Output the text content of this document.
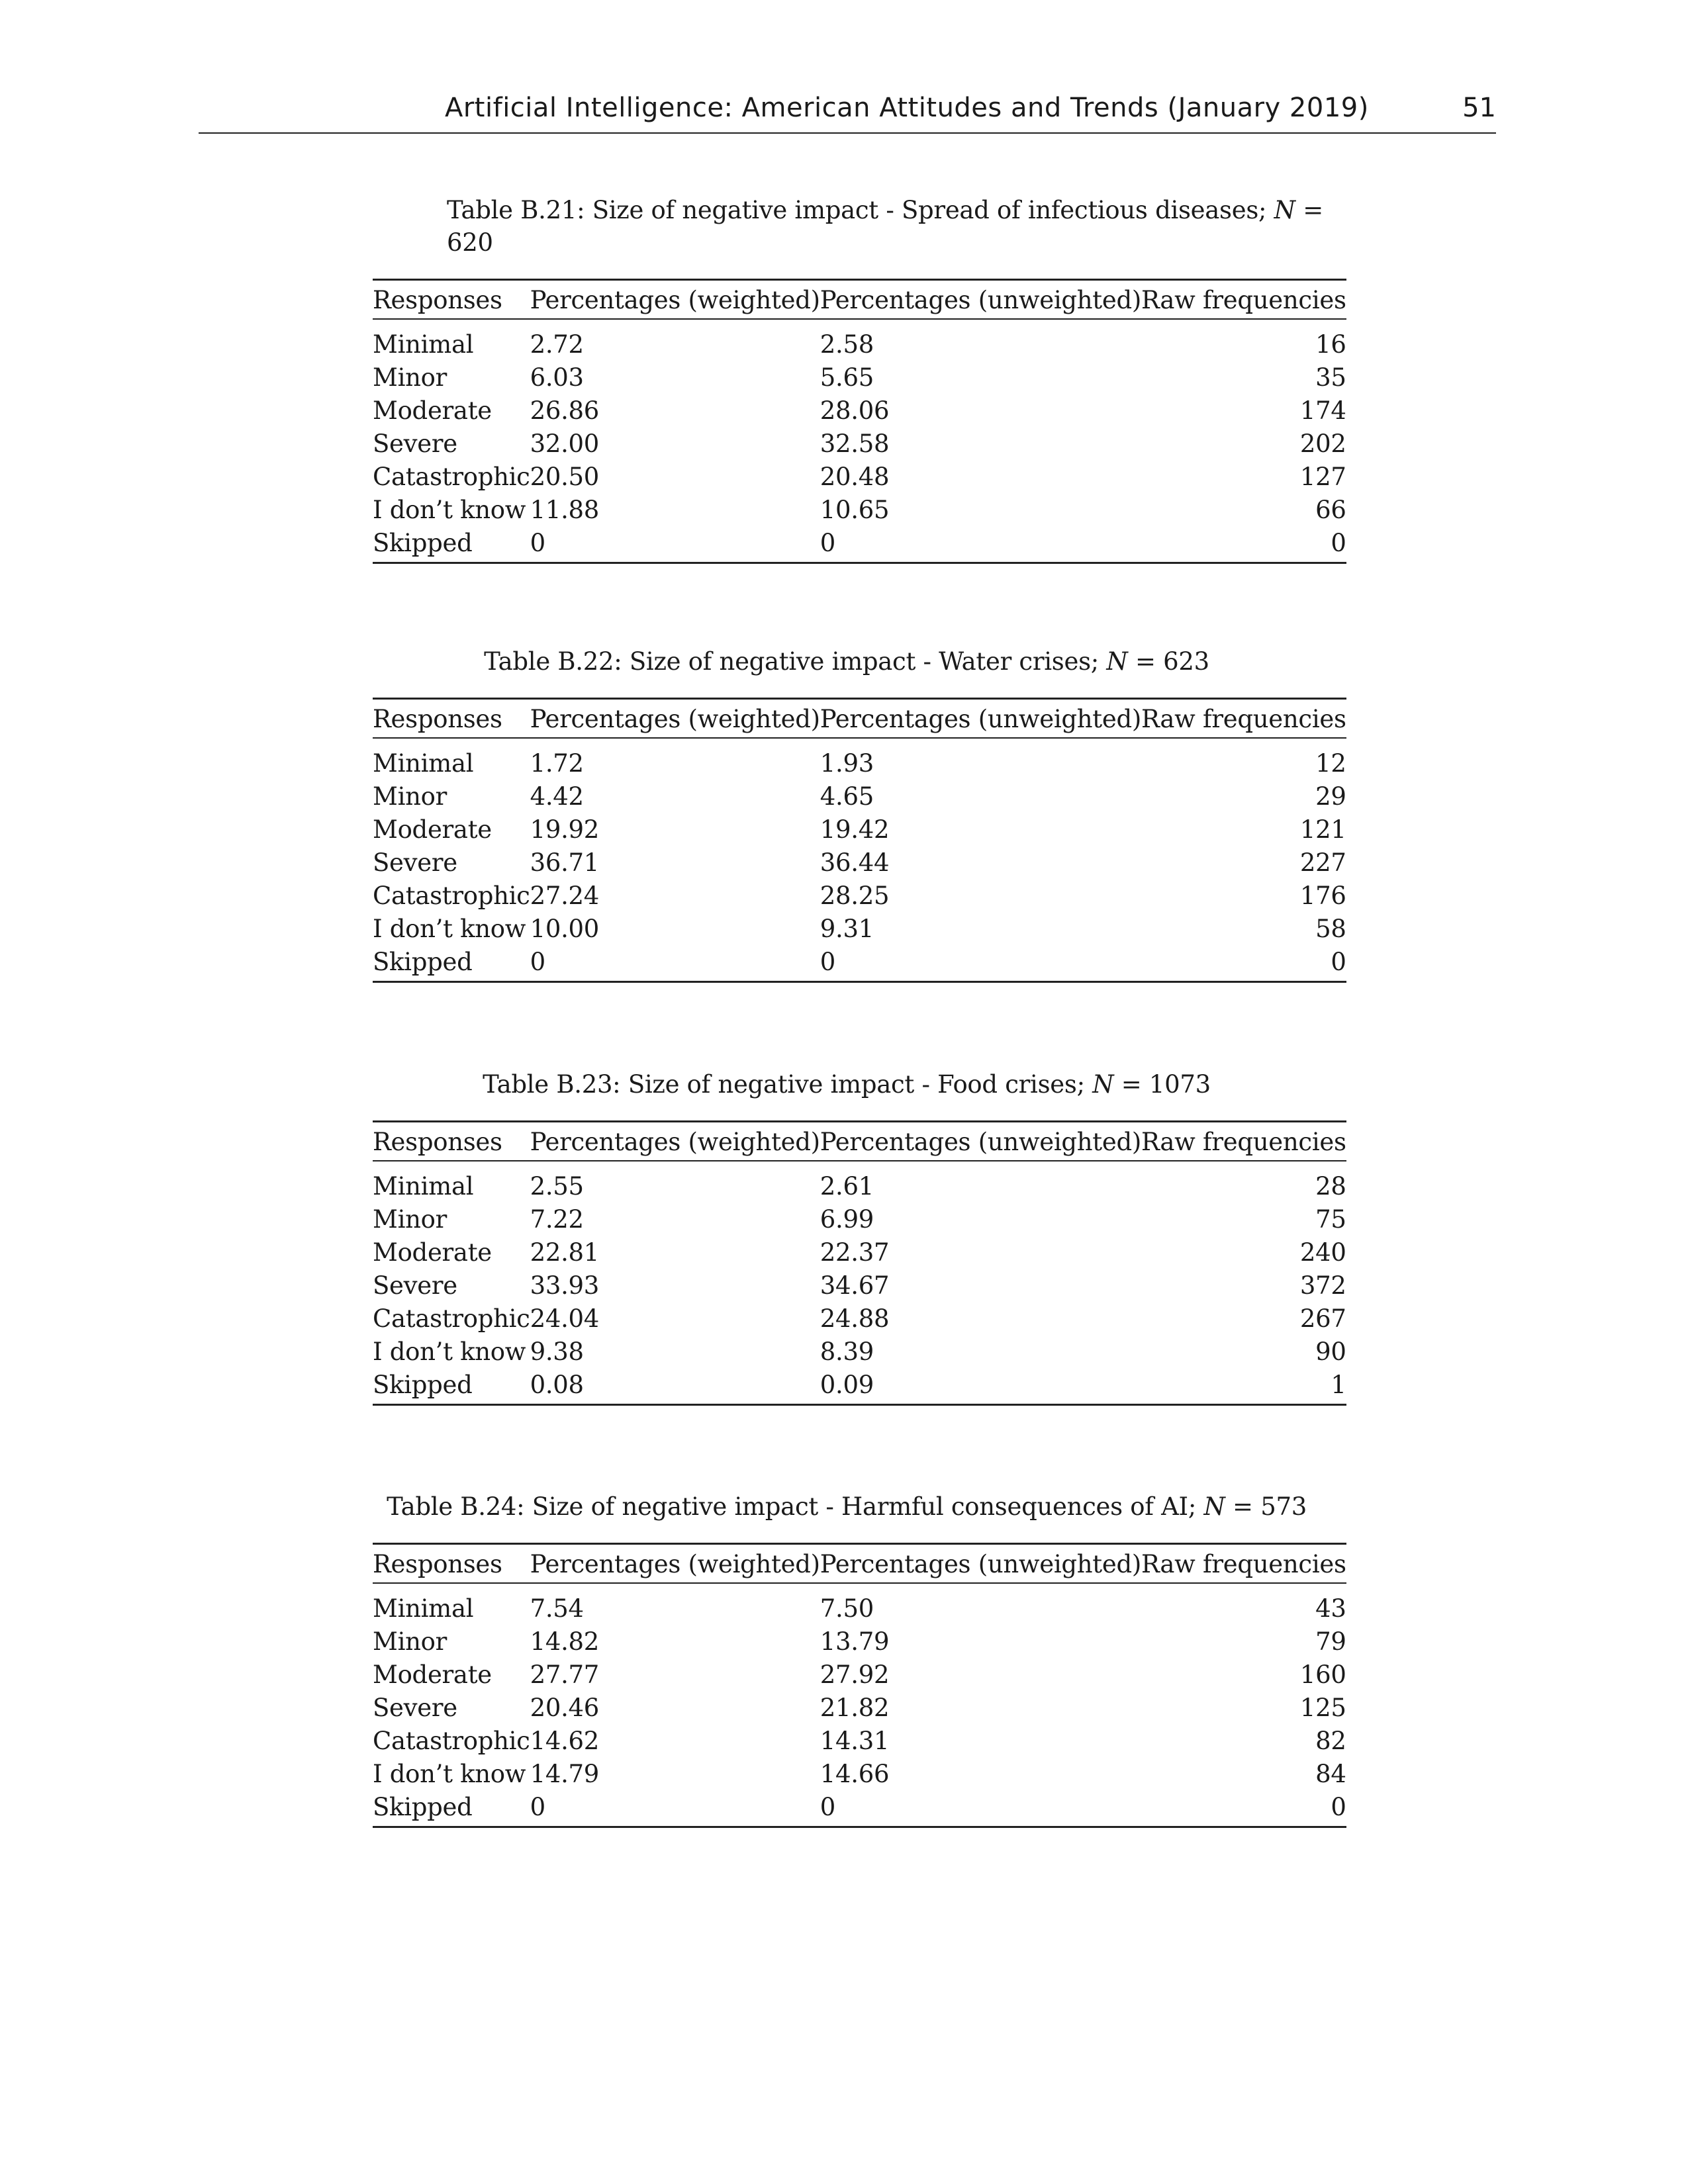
Artificial Intelligence: American Attitudes and Trends (January 2019)	51
Table B.21: Size of negative impact - Spread of infectious diseases; N = 620
Responses	Percentages (weighted)	Percentages (unweighted)	Raw frequencies
Minimal	2.72	2.58	16
Minor	6.03	5.65	35
Moderate	26.86	28.06	174
Severe	32.00	32.58	202
Catastrophic	20.50	20.48	127
I don’t know	11.88	10.65	66
Skipped	0	0	0
Table B.22: Size of negative impact - Water crises; N = 623
Responses	Percentages (weighted)	Percentages (unweighted)	Raw frequencies
Minimal	1.72	1.93	12
Minor	4.42	4.65	29
Moderate	19.92	19.42	121
Severe	36.71	36.44	227
Catastrophic	27.24	28.25	176
I don’t know	10.00	9.31	58
Skipped	0	0	0
Table B.23: Size of negative impact - Food crises; N = 1073
Responses	Percentages (weighted)	Percentages (unweighted)	Raw frequencies
Minimal	2.55	2.61	28
Minor	7.22	6.99	75
Moderate	22.81	22.37	240
Severe	33.93	34.67	372
Catastrophic	24.04	24.88	267
I don’t know	9.38	8.39	90
Skipped	0.08	0.09	1
Table B.24: Size of negative impact - Harmful consequences of AI; N = 573
Responses	Percentages (weighted)	Percentages (unweighted)	Raw frequencies
Minimal	7.54	7.50	43
Minor	14.82	13.79	79
Moderate	27.77	27.92	160
Severe	20.46	21.82	125
Catastrophic	14.62	14.31	82
I don’t know	14.79	14.66	84
Skipped	0	0	0
